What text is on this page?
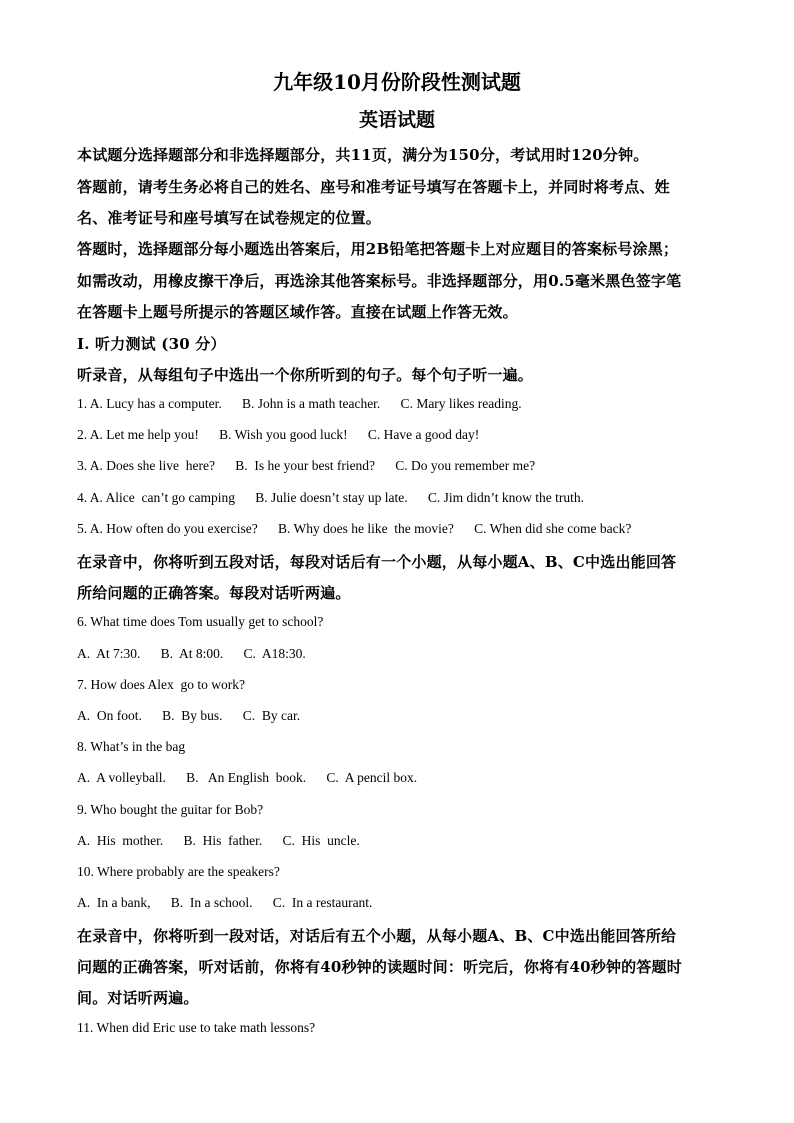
九年级10月份阶段性测试题
英语试题
本试题分选择题部分和非选择题部分，共11页，满分为150分，考试用时120分钟。
答题前，请考生务必将自己的姓名、座号和准考证号填写在答题卡上，并同时将考点、姓
名、准考证号和座号填写在试卷规定的位置。
答题时，选择题部分每小题选出答案后，用2B铅笔把答题卡上对应题目的答案标号涂黑；
如需改动，用橡皮擦干净后，再选涂其他答案标号。非选择题部分，用0.5毫米黑色签字笔
在答题卡上题号所提示的答题区域作答。直接在试题上作答无效。
I. 听力测试 (30 分）
听录音，从每组句子中选出一个你所听到的句子。每个句子听一遍。
1. A. Lucy has a computer.      B. John is a math teacher.      C. Mary likes reading.
2. A. Let me help you!      B. Wish you good luck!      C. Have a good day!
3. A. Does she live  here?      B.  Is he your best friend?      C. Do you remember me?
4. A. Alice  can’t go camping      B. Julie doesn’t stay up late.      C. Jim didn’t know the truth.
5. A. How often do you exercise?      B. Why does he like  the movie?      C. When did she come back?
在录音中，你将听到五段对话，每段对话后有一个小题，从每小题A、B、C中选出能回答
所给问题的正确答案。每段对话听两遍。
6. What time does Tom usually get to school?
A.  At 7:30.      B.  At 8:00.      C.  A18:30.
7. How does Alex  go to work?
A.  On foot.      B.  By bus.      C.  By car.
8. What’s in the bag
A.  A volleyball.      B.   An English  book.      C.  A pencil box.
9. Who bought the guitar for Bob?
A.  His  mother.      B.  His  father.      C.  His  uncle.
10. Where probably are the speakers?
A.  In a bank,      B.  In a school.      C.  In a restaurant.
在录音中，你将听到一段对话，对话后有五个小题，从每小题A、B、C中选出能回答所给
问题的正确答案，听对话前，你将有40秒钟的读题时间：听完后，你将有40秒钟的答题时
间。对话听两遍。
11. When did Eric use to take math lessons?
